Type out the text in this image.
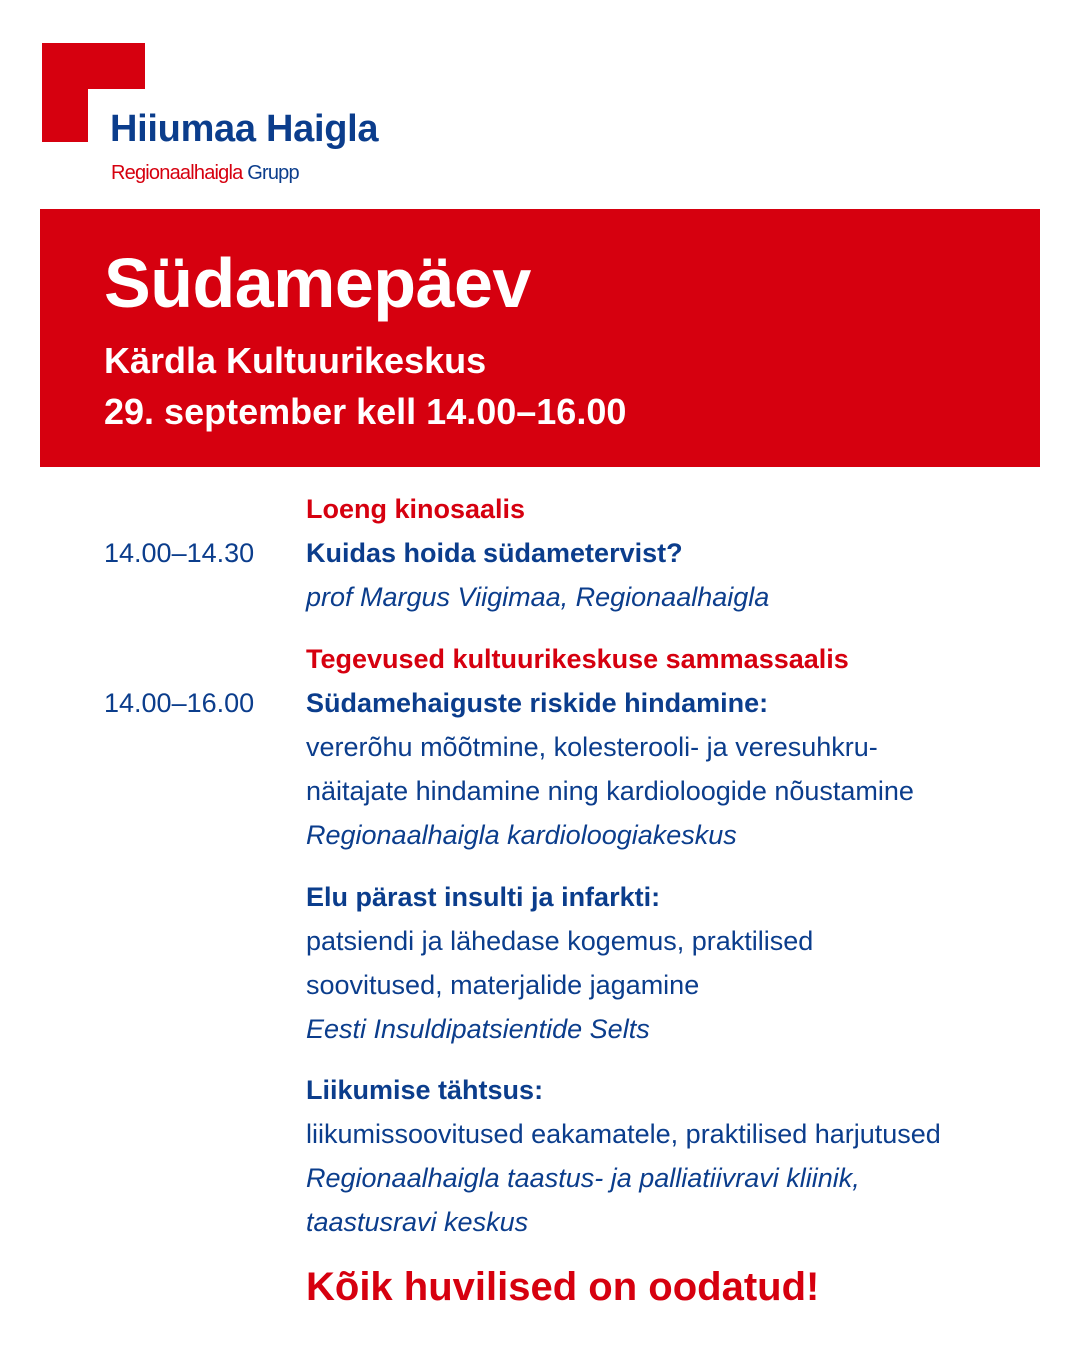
Hiiumaa Haigla
Regionaalhaigla Grupp
Südamepäev
Kärdla Kultuurikeskus
29. september kell 14.00–16.00
Loeng kinosaalis
14.00–14.30 Kuidas hoida südametervist?
prof Margus Viigimaa, Regionaalhaigla
Tegevused kultuurikeskuse sammassaalis
14.00–16.00 Südamehaiguste riskide hindamine:
vererõhu mõõtmine, kolesterooli- ja veresuhkru-
näitajate hindamine ning kardioloogide nõustamine
Regionaalhaigla kardioloogiakeskus
Elu pärast insulti ja infarkti:
patsiendi ja lähedase kogemus, praktilised
soovitused, materjalide jagamine
Eesti Insuldipatsientide Selts
Liikumise tähtsus:
liikumissoovitused eakamatele, praktilised harjutused
Regionaalhaigla taastus- ja palliatiivravi kliinik,
taastusravi keskus
Kõik huvilised on oodatud!
